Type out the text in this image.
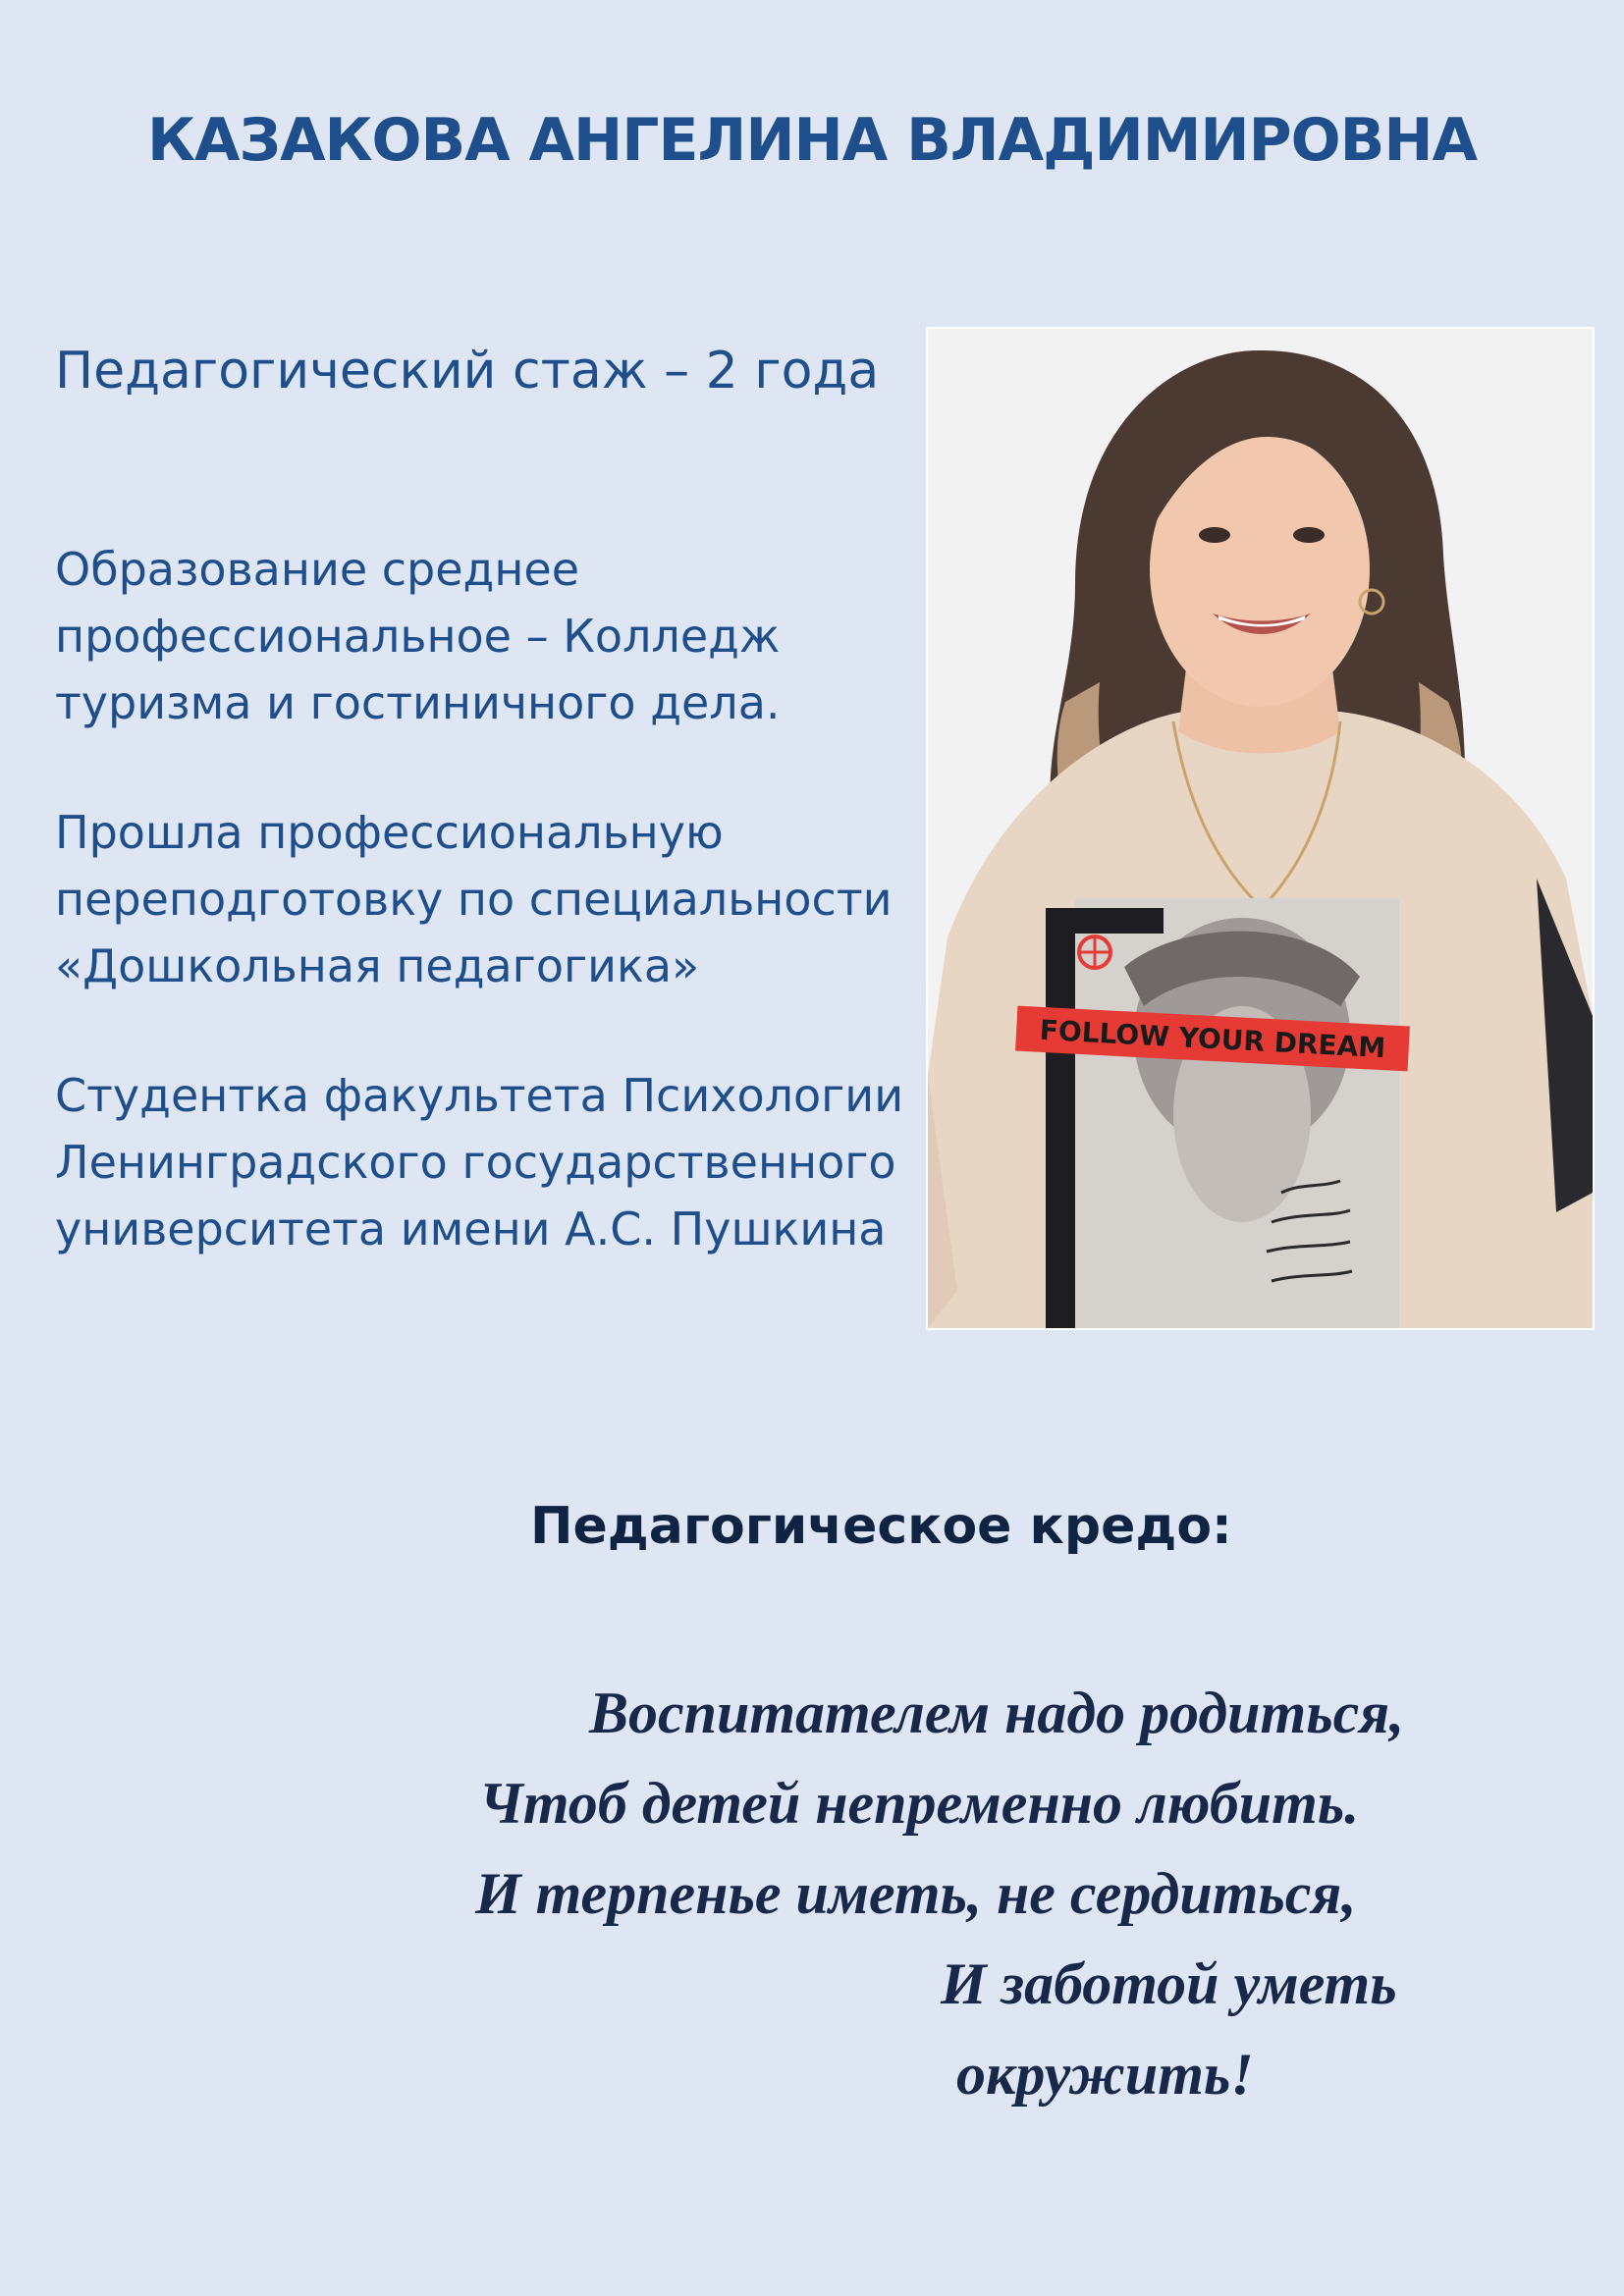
КАЗАКОВА АНГЕЛИНА ВЛАДИМИРОВНА

Педагогический стаж – 2 года

Образование среднее
профессиональное – Колледж
туризма и гостиничного дела.

Прошла профессиональную
переподготовку по специальности
«Дошкольная педагогика»

Студентка факультета Психологии
Ленинградского государственного
университета имени А.С. Пушкина

FOLLOW YOUR DREAM
Педагогическое кредо:
Воспитателем надо родиться,
Чтоб детей непременно любить.
И терпенье иметь, не сердиться,
И заботой уметь
окружить!
